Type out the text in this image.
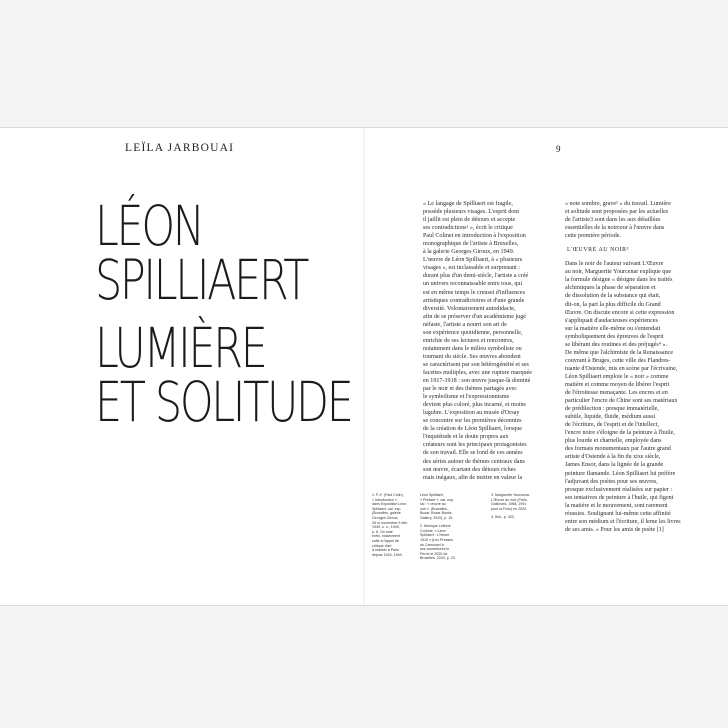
LEÏLA JARBOUAI	9
LÉON
SPILLIAERT
LUMIÈRE
ET SOLITUDE
« Le langage de Spilliaert est fragile,
possède plusieurs visages. L'esprit dont
il jaillit est plein de détours et accepte
ses contradictions¹ », écrit le critique
Paul Colinet en introduction à l'exposition
monographique de l'artiste à Bruxelles,
à la galerie Georges Giroux, en 1949.
L'œuvre de Léon Spilliaert, à « plusieurs
visages », est inclassable et surprenant :
durant plus d'un demi-siècle, l'artiste a créé
un univers reconnaissable entre tous, qui
est en même temps le creuset d'influences
artistiques contradictoires et d'une grande
diversité. Volontairement autodidacte,
afin de se préserver d'un académisme jugé
néfaste, l'artiste a nourri son art de
son expérience quotidienne, personnelle,
enrichie de ses lectures et rencontres,
notamment dans le milieu symboliste ou
tournant du siècle. Ses œuvres abondent
se caractérisent par son hétérogénéité et ses
facettes multiples, avec une rupture marquée
en 1917-1918 : son œuvre jusque-là dominé
par le noir et des thèmes partagés avec
le symbolisme et l'expressionnisme
devient plus coloré, plus incarné, et moins
lugubre. L'exposition au musée d'Orsay
se concentre sur les premières décennies
de la création de Léon Spilliaert, lorsque
l'inquiétude et le doute propres aux
créateurs sont les principaux protagonistes
de son travail. Elle se fond de ces années
des séries autour de thèmes centraux dans
son œuvre, écartant des détours riches
mais inégaux, afin de mettre en valeur la
« note sombre, grave² » du travail. Lumière
et solitude sont proposées par les actuelles
de l'artiste3 sont dans les aux détaillées
essentielles de la noirceur à l'œuvre dans
cette première période.
L'ŒUVRE AU NOIR³
Dans le noir de l'auteur suivant L'Œuvre
au noir, Marguerite Yourcenar explique que
la formule désigne « désigne dans les traités
alchimiques la phase de séparation et
de dissolution de la substance qui était,
dit-on, la part la plus difficile du Grand
Œuvre. On discute encore si cette expression
s'appliquait d'audacieuses expériences
sur la matière elle-même ou s'entendait
symboliquement des épreuves de l'esprit
se libérant des routines et des préjugés⁴ ».
De même que l'alchimiste de la Renaissance
couvrant à Bruges, cette ville des Flandres-
tuante d'Ostende, mis en scène par l'écrivaine,
Léon Spilliaert emploie le « noir » comme
matière et comme moyen de libérer l'esprit
de l'étroitesse menaçante. Les encres et en
particulier l'encre de Chine sont ses matériaux
de prédilection : presque immatérielle,
subtile, liquide, fluide, médium aussi
de l'écriture, de l'esprit et de l'intellect,
l'encre noire s'éloigne de la peinture à l'huile,
plus lourde et charnelle, employée dans
des formats monumentaux par l'autre grand
artiste d'Ostende à la fin du xixe siècle,
James Ensor, dans la lignée de la grande
peinture flamande. Léon Spilliaert lui préfère
l'adjuvant des poètes pour ses œuvres,
presque exclusivement réalisées sur papier :
ses tentatives de peinture à l'huile, qui figent
la matière et le mouvement, sont rarement
réussies. Soulignant lui-même cette affinité
entre son médium et l'écriture, il leme les livres
de ses amis. « Pour les amis de poète [1]
1. P.-F. (Paul Colin),
« Introduction »,
dans Exposition Léon
Spilliaert, cat. exp.
(Bruxelles, galerie
Georges Giroux,
26 or novembre-9 déc.
1949, s. n., 1949,
p. 6. On note
enfin, notamment
suite à l'appel de
critique d'art
à réaliser à Paris
depuis 1924, 1949.
Léon Spilliaert,
« Préface », cat. exp.
sic : « œuvre au
noir », (Bruxelles,
Bozar, Bozar Books
Gallery, 2020), p. 19.
2. Monique Lefèvre
Corinne, « Léon
Spilliaert : L'Heure
1915 » (Les Presses
du Carrousel à
ses couvertures le
Perrin le 2020 de
Bruxelles, 2020, p. 23.
3. Marguerite Yourcenar,
L'Œuvre au noir (Paris,
Gallimard, 1968, 1991
pour la Folio) en 2020.
4. Ibid., p. 320.
